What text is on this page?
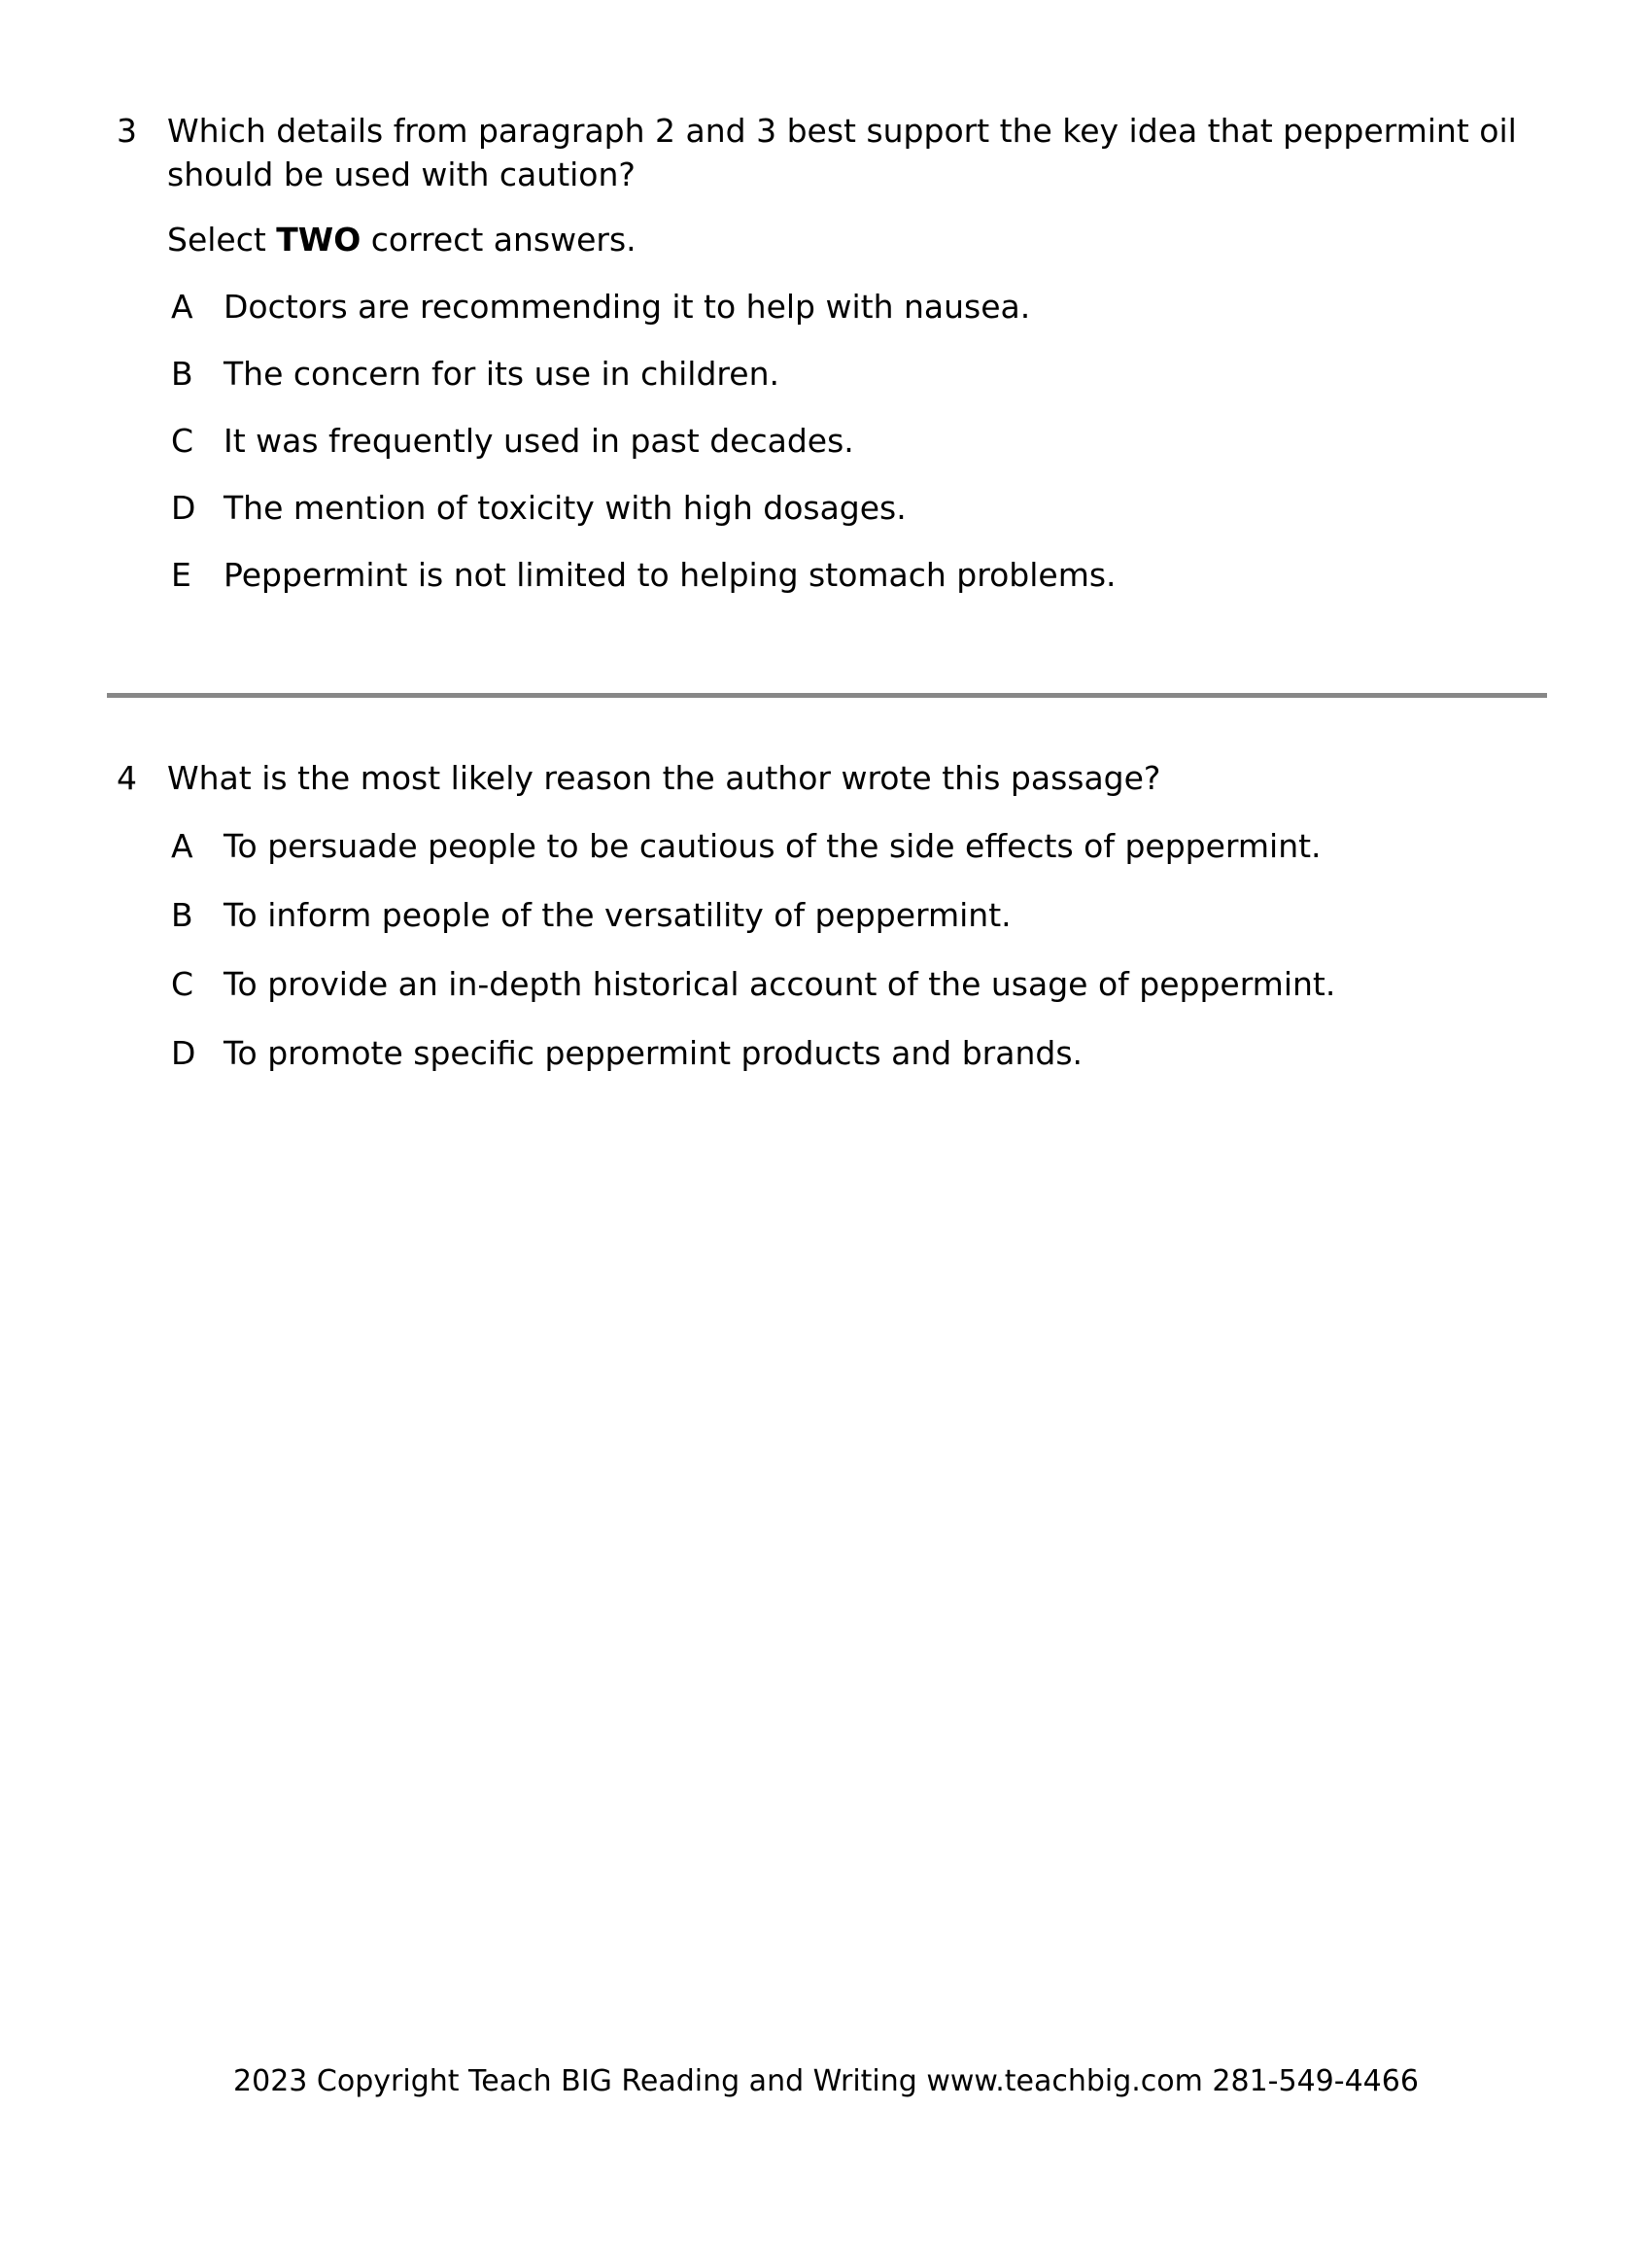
3 Which details from paragraph 2 and 3 best support the key idea that peppermint oil should be used with caution?
Select TWO correct answers.
A Doctors are recommending it to help with nausea.
B The concern for its use in children.
C It was frequently used in past decades.
D The mention of toxicity with high dosages.
E	Peppermint is not limited to helping stomach problems.
4 What is the most likely reason the author wrote this passage?
A To persuade people to be cautious of the side effects of peppermint.
B To inform people of the versatility of peppermint.
C To provide an in-depth historical account of the usage of peppermint.
D To promote specific peppermint products and brands.
2023 Copyright Teach BIG Reading and Writing www.teachbig.com 281-549-4466
